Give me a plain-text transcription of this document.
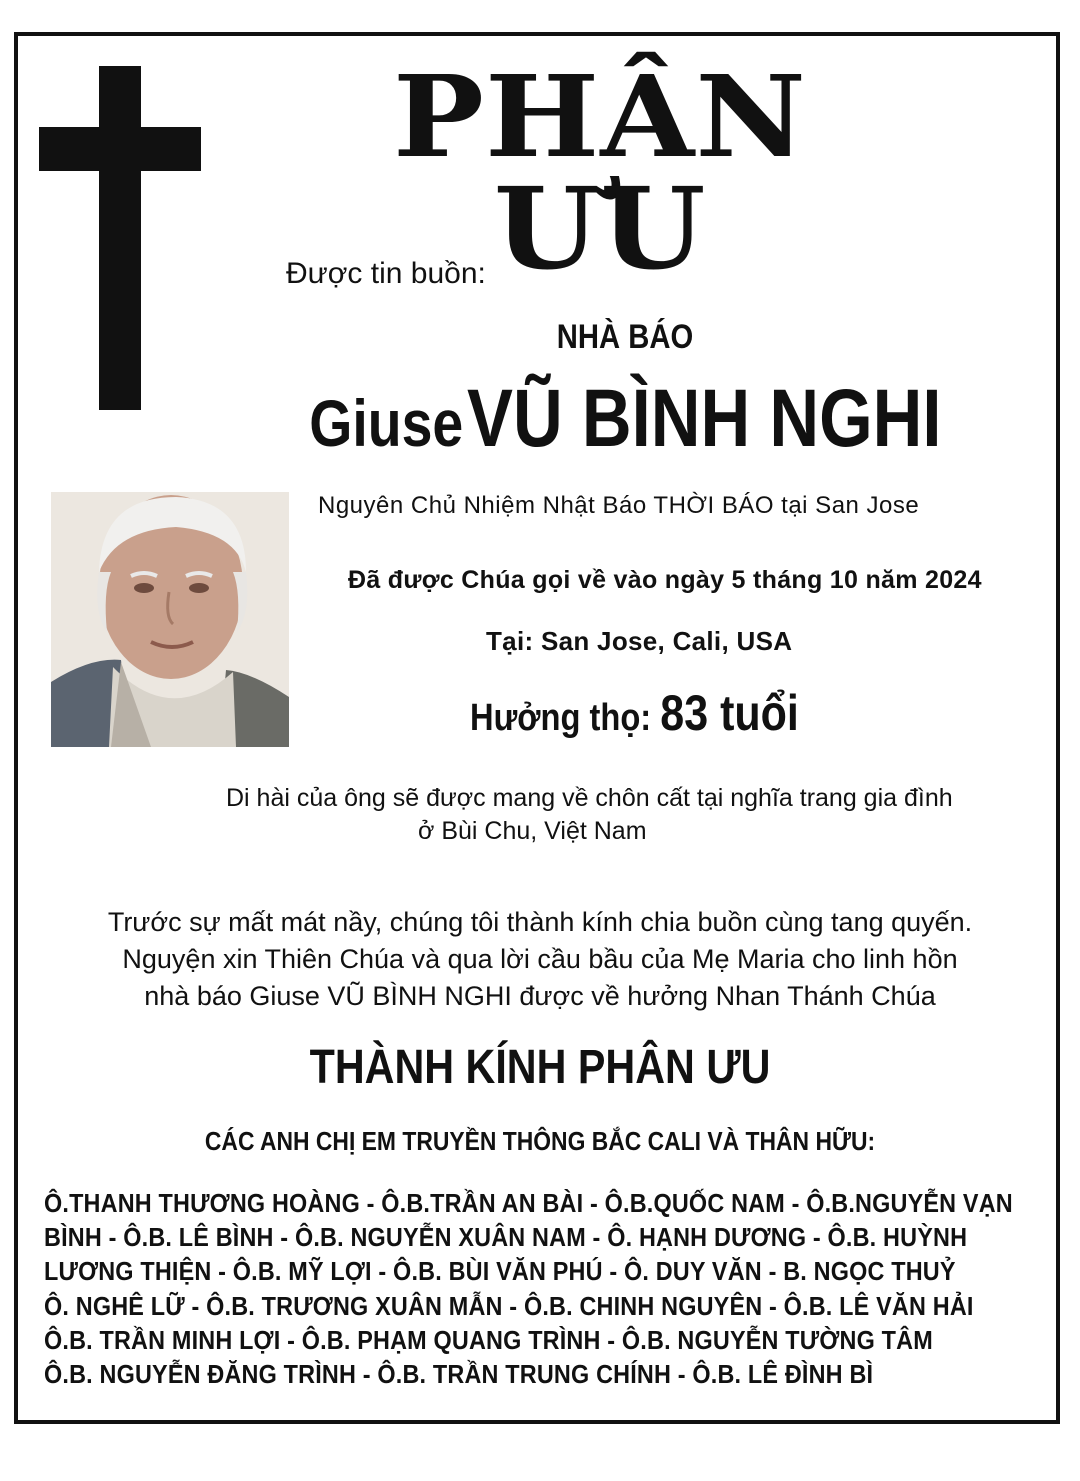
PHÂN ƯU
Được tin buồn:
NHÀ BÁO
Giuse VŨ BÌNH NGHI
Nguyên Chủ Nhiệm Nhật Báo THỜI BÁO tại San Jose
Đã được Chúa gọi về vào ngày 5 tháng 10 năm 2024
Tại: San Jose, Cali, USA
Hưởng thọ: 83 tuổi
Di hài của ông sẽ được mang về chôn cất tại nghĩa trang gia đình
ở Bùi Chu, Việt Nam
Trước sự mất mát nầy, chúng tôi thành kính chia buồn cùng tang quyến.
Nguyện xin Thiên Chúa và qua lời cầu bầu của Mẹ Maria cho linh hồn
nhà báo Giuse VŨ BÌNH NGHI được về hưởng Nhan Thánh Chúa
THÀNH KÍNH PHÂN ƯU
CÁC ANH CHỊ EM TRUYỀN THÔNG BẮC CALI VÀ THÂN HỮU:
Ô.THANH THƯƠNG HOÀNG - Ô.B.TRẦN AN BÀI - Ô.B.QUỐC NAM - Ô.B.NGUYỄN VẠN
BÌNH - Ô.B. LÊ BÌNH - Ô.B. NGUYỄN XUÂN NAM - Ô. HẠNH DƯƠNG - Ô.B. HUỲNH
LƯƠNG THIỆN - Ô.B. MỸ LỢI - Ô.B. BÙI VĂN PHÚ - Ô. DUY VĂN - B. NGỌC THUỶ
Ô. NGHÊ LỮ - Ô.B. TRƯƠNG XUÂN MẪN - Ô.B. CHINH NGUYÊN - Ô.B. LÊ VĂN HẢI
Ô.B. TRẦN MINH LỢI - Ô.B. PHẠM QUANG TRÌNH - Ô.B. NGUYỄN TƯỜNG TÂM
Ô.B. NGUYỄN ĐĂNG TRÌNH - Ô.B. TRẦN TRUNG CHÍNH - Ô.B. LÊ ĐÌNH BÌ
